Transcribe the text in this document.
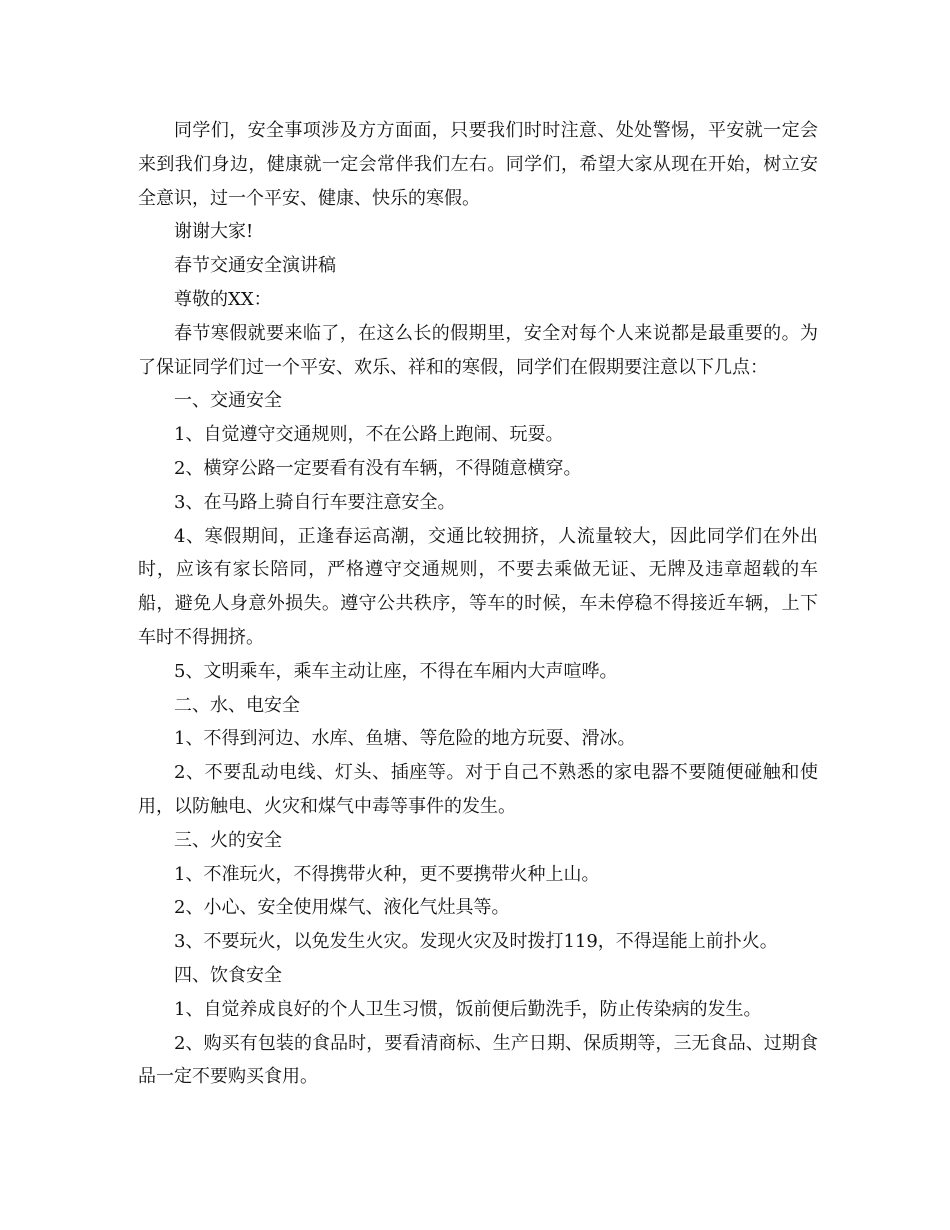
同学们，安全事项涉及方方面面，只要我们时时注意、处处警惕，平安就一定会来到我们身边，健康就一定会常伴我们左右。同学们，希望大家从现在开始，树立安全意识，过一个平安、健康、快乐的寒假。

谢谢大家!

春节交通安全演讲稿

尊敬的XX：

春节寒假就要来临了，在这么长的假期里，安全对每个人来说都是最重要的。为了保证同学们过一个平安、欢乐、祥和的寒假，同学们在假期要注意以下几点：

一、交通安全

1、自觉遵守交通规则，不在公路上跑闹、玩耍。

2、横穿公路一定要看有没有车辆，不得随意横穿。

3、在马路上骑自行车要注意安全。

4、寒假期间，正逢春运高潮，交通比较拥挤，人流量较大，因此同学们在外出时，应该有家长陪同，严格遵守交通规则，不要去乘做无证、无牌及违章超载的车船，避免人身意外损失。遵守公共秩序，等车的时候，车未停稳不得接近车辆，上下车时不得拥挤。

5、文明乘车，乘车主动让座，不得在车厢内大声喧哗。

二、水、电安全

1、不得到河边、水库、鱼塘、等危险的地方玩耍、滑冰。

2、不要乱动电线、灯头、插座等。对于自己不熟悉的家电器不要随便碰触和使用，以防触电、火灾和煤气中毒等事件的发生。

三、火的安全

1、不准玩火，不得携带火种，更不要携带火种上山。

2、小心、安全使用煤气、液化气灶具等。

3、不要玩火，以免发生火灾。发现火灾及时拨打119，不得逞能上前扑火。

四、饮食安全

1、自觉养成良好的个人卫生习惯，饭前便后勤洗手，防止传染病的发生。

2、购买有包装的食品时，要看清商标、生产日期、保质期等，三无食品、过期食品一定不要购买食用。
